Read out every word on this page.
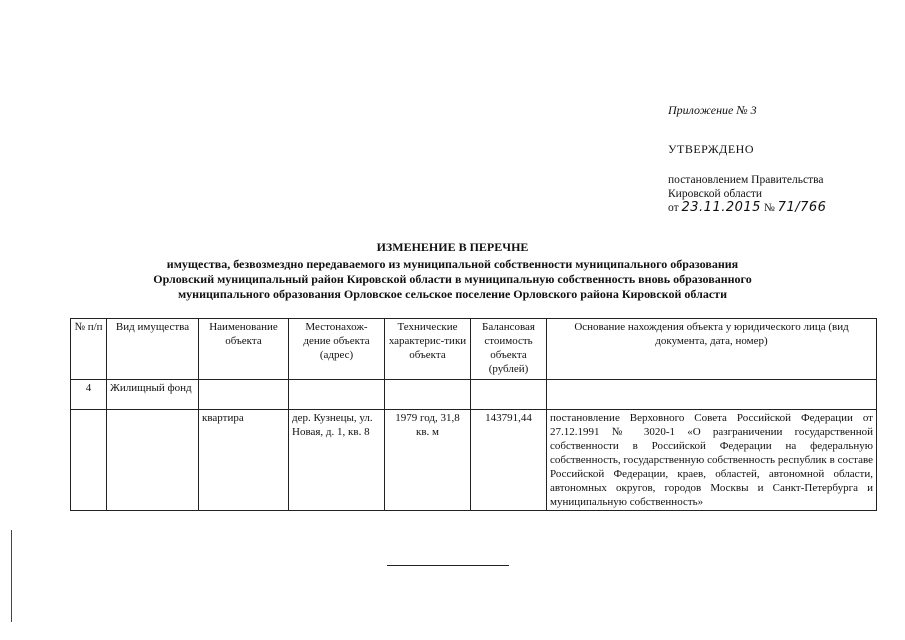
Приложение № 3
УТВЕРЖДЕНО
постановлением Правительства
Кировской области
от 23.11.2015 № 71/766
ИЗМЕНЕНИЕ В ПЕРЕЧНЕ
имущества, безвозмездно передаваемого из муниципальной собственности муниципального образования
Орловский муниципальный район Кировской области в муниципальную собственность вновь образованного
муниципального образования Орловское сельское поселение Орловского района Кировской области
№ п/п	Вид имущества	Наименование объекта	Местонахож-дение объекта (адрес)	Технические характерис-тики объекта	Балансовая стоимость объекта (рублей)	Основание нахождения объекта у юридического лица (вид документа, дата, номер)
4	Жилищный фонд					
		квартира	дер. Кузнецы, ул. Новая, д. 1, кв. 8	1979 год, 31,8 кв. м	143791,44	постановление Верховного Совета Российской Федерации от 27.12.1991 № 3020-1 «О разграничении государственной собственности в Российской Федерации на федеральную собственность, государственную собственность республик в составе Российской Федерации, краев, областей, автономной области, автономных округов, городов Москвы и Санкт-Петербурга и муниципальную собственность»
